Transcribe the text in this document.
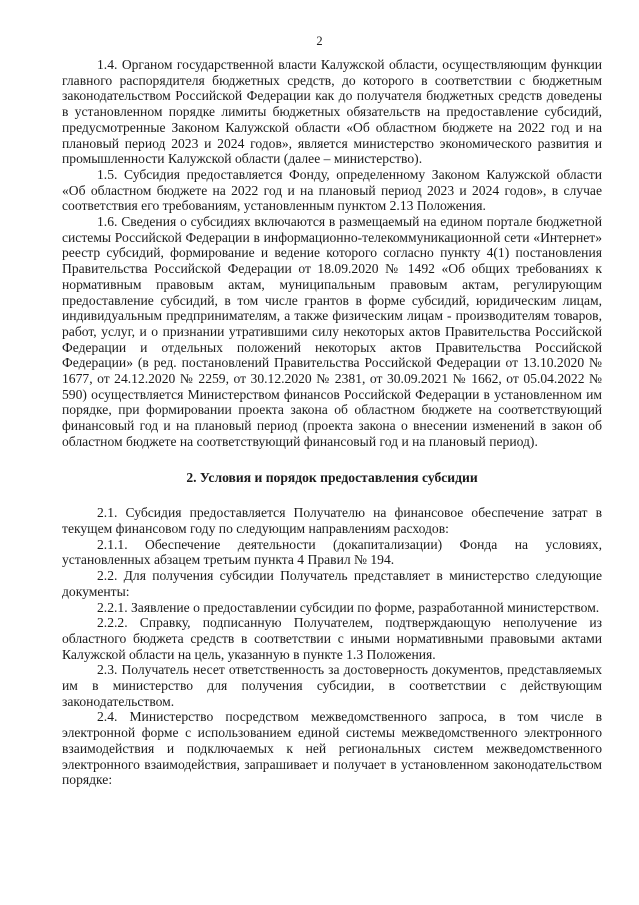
2

1.4. Органом государственной власти Калужской области, осуществляющим функции главного распорядителя бюджетных средств, до которого в соответствии с бюджетным законодательством Российской Федерации как до получателя бюджетных средств доведены в установленном порядке лимиты бюджетных обязательств на предоставление субсидий, предусмотренные Законом Калужской области «Об областном бюджете на 2022 год и на плановый период 2023 и 2024 годов», является министерство экономического развития и промышленности Калужской области (далее – министерство).

1.5. Субсидия предоставляется Фонду, определенному Законом Калужской области «Об областном бюджете на 2022 год и на плановый период 2023 и 2024 годов», в случае соответствия его требованиям, установленным пунктом 2.13 Положения.

1.6. Сведения о субсидиях включаются в размещаемый на едином портале бюджетной системы Российской Федерации в информационно-телекоммуникационной сети «Интернет» реестр субсидий, формирование и ведение которого согласно пункту 4(1) постановления Правительства Российской Федерации от 18.09.2020 № 1492 «Об общих требованиях к нормативным правовым актам, муниципальным правовым актам, регулирующим предоставление субсидий, в том числе грантов в форме субсидий, юридическим лицам, индивидуальным предпринимателям, а также физическим лицам - производителям товаров, работ, услуг, и о признании утратившими силу некоторых актов Правительства Российской Федерации и отдельных положений некоторых актов Правительства Российской Федерации» (в ред. постановлений Правительства Российской Федерации от 13.10.2020 № 1677, от 24.12.2020 № 2259, от 30.12.2020 № 2381, от 30.09.2021 № 1662, от 05.04.2022 № 590) осуществляется Министерством финансов Российской Федерации в установленном им порядке, при формировании проекта закона об областном бюджете на соответствующий финансовый год и на плановый период (проекта закона о внесении изменений в закон об областном бюджете на соответствующий финансовый год и на плановый период).

2. Условия и порядок предоставления субсидии

2.1. Субсидия предоставляется Получателю на финансовое обеспечение затрат в текущем финансовом году по следующим направлениям расходов:

2.1.1. Обеспечение деятельности (докапитализации) Фонда на условиях, установленных абзацем третьим пункта 4 Правил № 194.

2.2. Для получения субсидии Получатель представляет в министерство следующие документы:

2.2.1. Заявление о предоставлении субсидии по форме, разработанной министерством.

2.2.2. Справку, подписанную Получателем, подтверждающую неполучение из областного бюджета средств в соответствии с иными нормативными правовыми актами Калужской области на цель, указанную в пункте 1.3 Положения.

2.3. Получатель несет ответственность за достоверность документов, представляемых им в министерство для получения субсидии, в соответствии с действующим законодательством.

2.4. Министерство посредством межведомственного запроса, в том числе в электронной форме с использованием единой системы межведомственного электронного взаимодействия и подключаемых к ней региональных систем межведомственного электронного взаимодействия, запрашивает и получает в установленном законодательством порядке:
